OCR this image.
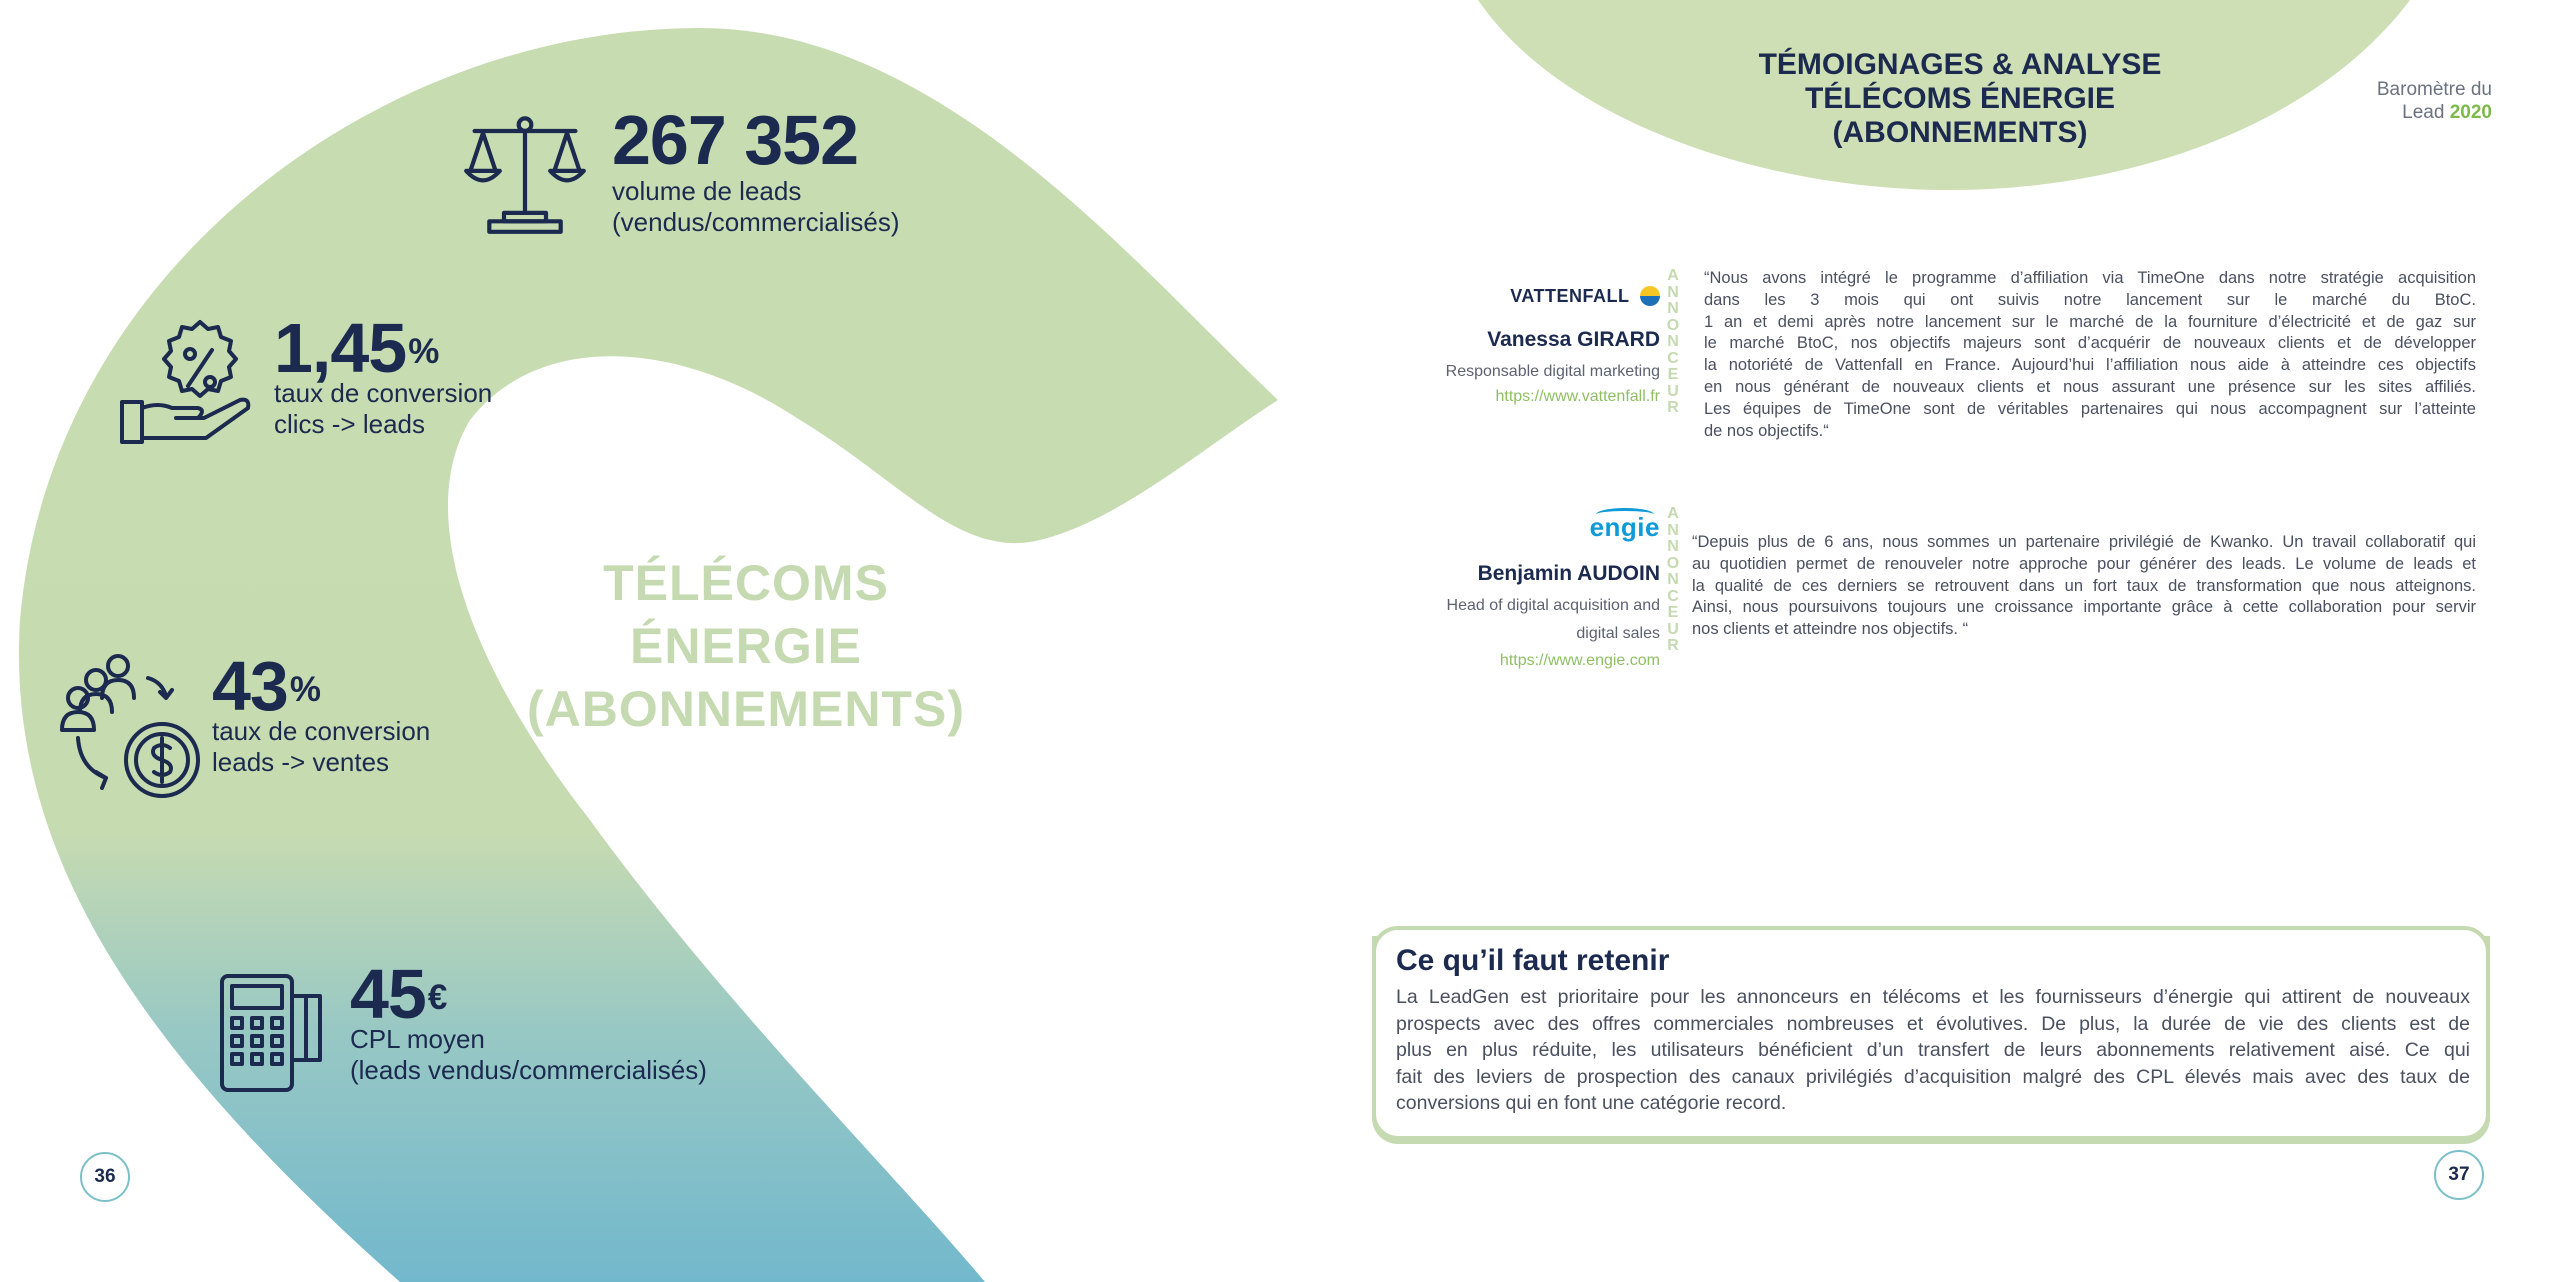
267 352
volume de leads
(vendus/commercialisés)
1,45%
taux de conversion
clics -> leads
43%
taux de conversion
leads -> ventes
45€
CPL moyen
(leads vendus/commercialisés)
TÉLÉCOMS
ÉNERGIE
(ABONNEMENTS)
36
TÉMOIGNAGES & ANALYSE
TÉLÉCOMS ÉNERGIE
(ABONNEMENTS)
Baromètre du
Lead 2020
VATTENFALL
Vanessa GIRARD
Responsable digital marketing
https://www.vattenfall.fr
A
N
N
O
N
C
E
U
R
“Nous avons intégré le programme d’affiliation via TimeOne dans notre stratégie acquisition
dans les 3 mois qui ont suivis notre lancement sur le marché du BtoC.
1 an et demi après notre lancement sur le marché de la fourniture d’électricité et de gaz sur
le marché BtoC, nos objectifs majeurs sont d’acquérir de nouveaux clients et de développer
la notoriété de Vattenfall en France. Aujourd’hui l’affiliation nous aide à atteindre ces objectifs
en nous générant de nouveaux clients et nous assurant une présence sur les sites affiliés.
Les équipes de TimeOne sont de véritables partenaires qui nous accompagnent sur l’atteinte
de nos objectifs.“
engie
Benjamin AUDOIN
Head of digital acquisition and
digital sales
https://www.engie.com
A
N
N
O
N
C
E
U
R
“Depuis plus de 6 ans, nous sommes un partenaire privilégié de Kwanko. Un travail collaboratif qui
au quotidien permet de renouveler notre approche pour générer des leads. Le volume de leads et
la qualité de ces derniers se retrouvent dans un fort taux de transformation que nous atteignons.
Ainsi, nous poursuivons toujours une croissance importante grâce à cette collaboration pour servir
nos clients et atteindre nos objectifs. “
Ce qu’il faut retenir
La LeadGen est prioritaire pour les annonceurs en télécoms et les fournisseurs d’énergie qui attirent de nouveaux
prospects avec des offres commerciales nombreuses et évolutives. De plus, la durée de vie des clients est de
plus en plus réduite, les utilisateurs bénéficient d’un transfert de leurs abonnements relativement aisé. Ce qui
fait des leviers de prospection des canaux privilégiés d’acquisition malgré des CPL élevés mais avec des taux de
conversions qui en font une catégorie record.
37
